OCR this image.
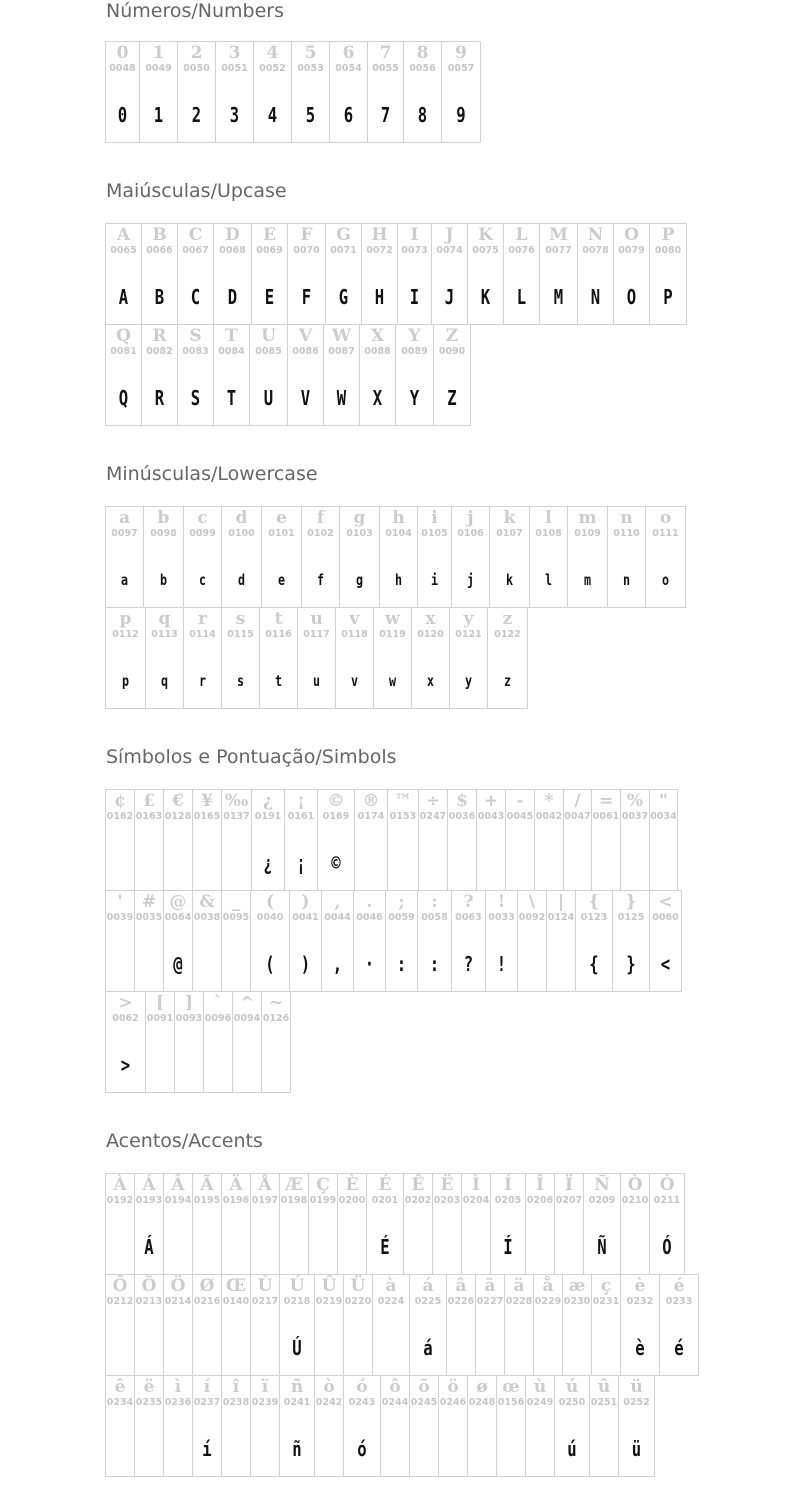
Números/Numbers
0
0048
0
1
0049
1
2
0050
2
3
0051
3
4
0052
4
5
0053
5
6
0054
6
7
0055
7
8
0056
8
9
0057
9
Maiúsculas/Upcase
A
0065
A
B
0066
B
C
0067
C
D
0068
D
E
0069
E
F
0070
F
G
0071
G
H
0072
H
I
0073
I
J
0074
J
K
0075
K
L
0076
L
M
0077
M
N
0078
N
O
0079
O
P
0080
P
Q
0081
Q
R
0082
R
S
0083
S
T
0084
T
U
0085
U
V
0086
V
W
0087
W
X
0088
X
Y
0089
Y
Z
0090
Z
Minúsculas/Lowercase
a
0097
a
b
0098
b
c
0099
c
d
0100
d
e
0101
e
f
0102
f
g
0103
g
h
0104
h
i
0105
i
j
0106
j
k
0107
k
l
0108
l
m
0109
m
n
0110
n
o
0111
o
p
0112
p
q
0113
q
r
0114
r
s
0115
s
t
0116
t
u
0117
u
v
0118
v
w
0119
w
x
0120
x
y
0121
y
z
0122
z
Símbolos e Pontuação/Simbols
¢
0162
£
0163
€
0128
¥
0165
‰
0137
¿
0191
¿
¡
0161
¡
©
0169
©
®
0174
™
0153
÷
0247
$
0036
+
0043
-
0045
*
0042
/
0047
=
0061
%
0037
"
0034
'
0039
#
0035
@
0064
@
&
0038
_
0095
(
0040
(
)
0041
)
,
0044
,
.
0046
·
;
0059
:
:
0058
:
?
0063
?
!
0033
!
\
0092
|
0124
{
0123
{
}
0125
}
<
0060
<
>
0062
>
[
0091
]
0093
`
0096
^
0094
~
0126
Acentos/Accents
À
0192
Á
0193
Á
Â
0194
Ã
0195
Ä
0196
Å
0197
Æ
0198
Ç
0199
È
0200
É
0201
É
Ê
0202
Ë
0203
Ì
0204
Í
0205
Í
Î
0206
Ï
0207
Ñ
0209
Ñ
Ò
0210
Ó
0211
Ó
Ô
0212
Õ
0213
Ö
0214
Ø
0216
Œ
0140
Ù
0217
Ú
0218
Ú
Û
0219
Ü
0220
à
0224
á
0225
á
â
0226
ã
0227
ä
0228
å
0229
æ
0230
ç
0231
è
0232
è
é
0233
é
ê
0234
ë
0235
ì
0236
í
0237
í
î
0238
ï
0239
ñ
0241
ñ
ò
0242
ó
0243
ó
ô
0244
õ
0245
ö
0246
ø
0248
œ
0156
ù
0249
ú
0250
ú
û
0251
ü
0252
ü
